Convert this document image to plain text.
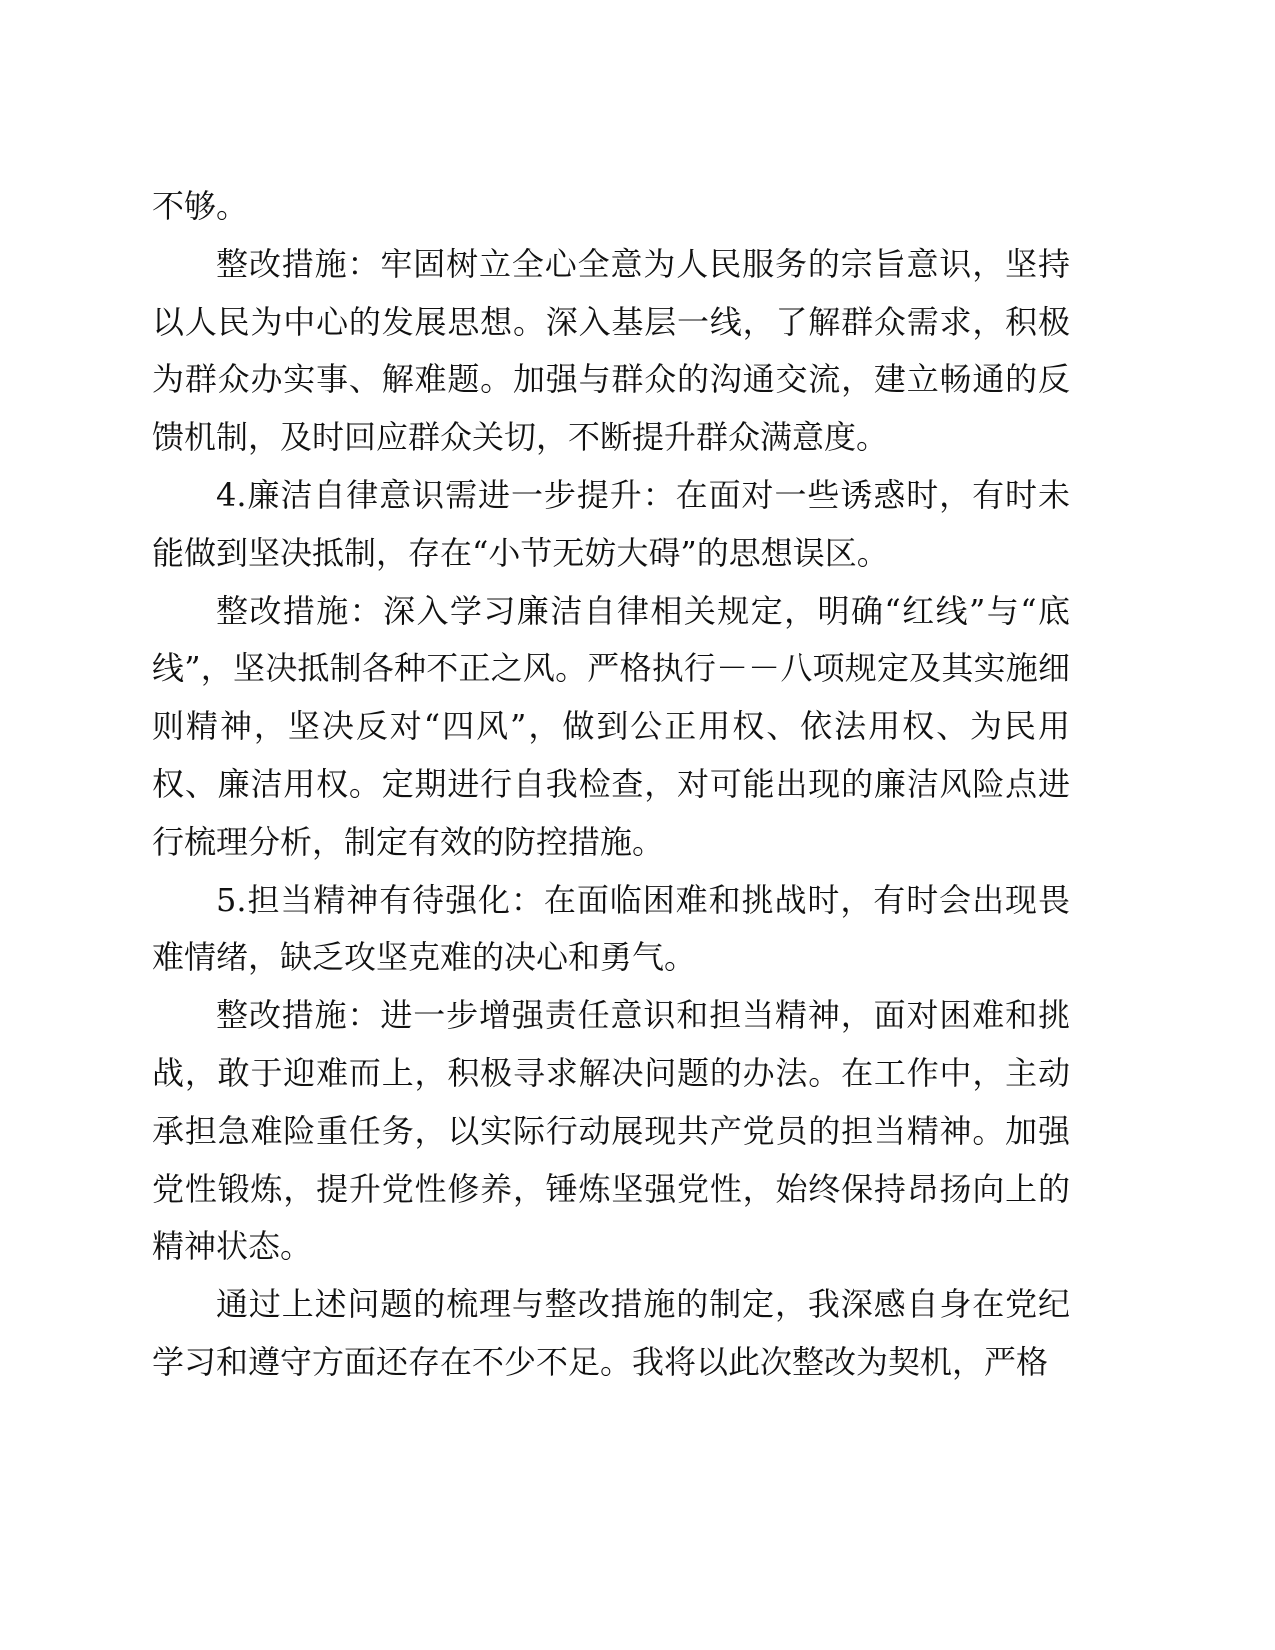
不够。

整改措施：牢固树立全心全意为人民服务的宗旨意识，坚持以人民为中心的发展思想。深入基层一线，了解群众需求，积极为群众办实事、解难题。加强与群众的沟通交流，建立畅通的反馈机制，及时回应群众关切，不断提升群众满意度。

4.廉洁自律意识需进一步提升：在面对一些诱惑时，有时未能做到坚决抵制，存在“小节无妨大碍”的思想误区。

整改措施：深入学习廉洁自律相关规定，明确“红线”与“底线”，坚决抵制各种不正之风。严格执行－－八项规定及其实施细则精神，坚决反对“四风”，做到公正用权、依法用权、为民用权、廉洁用权。定期进行自我检查，对可能出现的廉洁风险点进行梳理分析，制定有效的防控措施。

5.担当精神有待强化：在面临困难和挑战时，有时会出现畏难情绪，缺乏攻坚克难的决心和勇气。

整改措施：进一步增强责任意识和担当精神，面对困难和挑战，敢于迎难而上，积极寻求解决问题的办法。在工作中，主动承担急难险重任务，以实际行动展现共产党员的担当精神。加强党性锻炼，提升党性修养，锤炼坚强党性，始终保持昂扬向上的精神状态。

通过上述问题的梳理与整改措施的制定，我深感自身在党纪学习和遵守方面还存在不少不足。我将以此次整改为契机，严格
